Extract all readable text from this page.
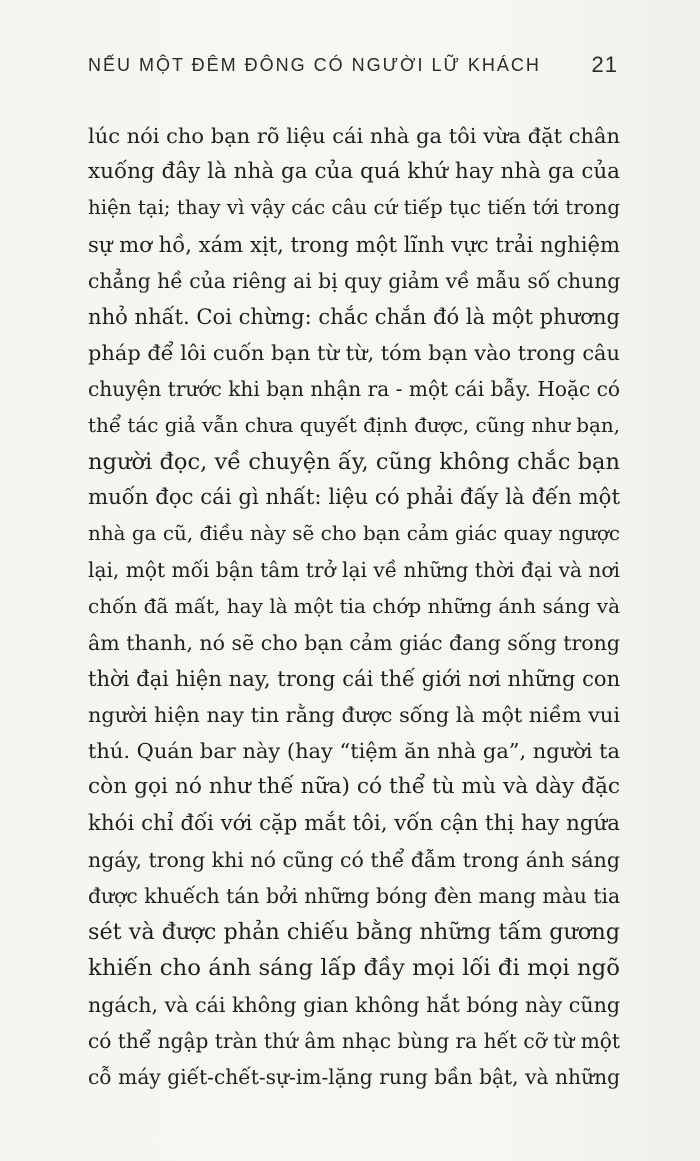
NẾU MỘT ĐÊM ĐÔNG CÓ NGƯỜI LỮ KHÁCH 21
lúc nói cho bạn rõ liệu cái nhà ga tôi vừa đặt chân
xuống đây là nhà ga của quá khứ hay nhà ga của
hiện tại; thay vì vậy các câu cứ tiếp tục tiến tới trong
sự mơ hồ, xám xịt, trong một lĩnh vực trải nghiệm
chẳng hề của riêng ai bị quy giảm về mẫu số chung
nhỏ nhất. Coi chừng: chắc chắn đó là một phương
pháp để lôi cuốn bạn từ từ, tóm bạn vào trong câu
chuyện trước khi bạn nhận ra - một cái bẫy. Hoặc có
thể tác giả vẫn chưa quyết định được, cũng như bạn,
người đọc, về chuyện ấy, cũng không chắc bạn
muốn đọc cái gì nhất: liệu có phải đấy là đến một
nhà ga cũ, điều này sẽ cho bạn cảm giác quay ngược
lại, một mối bận tâm trở lại về những thời đại và nơi
chốn đã mất, hay là một tia chớp những ánh sáng và
âm thanh, nó sẽ cho bạn cảm giác đang sống trong
thời đại hiện nay, trong cái thế giới nơi những con
người hiện nay tin rằng được sống là một niềm vui
thú. Quán bar này (hay “tiệm ăn nhà ga”, người ta
còn gọi nó như thế nữa) có thể tù mù và dày đặc
khói chỉ đối với cặp mắt tôi, vốn cận thị hay ngứa
ngáy, trong khi nó cũng có thể đẫm trong ánh sáng
được khuếch tán bởi những bóng đèn mang màu tia
sét và được phản chiếu bằng những tấm gương
khiến cho ánh sáng lấp đầy mọi lối đi mọi ngõ
ngách, và cái không gian không hắt bóng này cũng
có thể ngập tràn thứ âm nhạc bùng ra hết cỡ từ một
cỗ máy giết-chết-sự-im-lặng rung bần bật, và những
